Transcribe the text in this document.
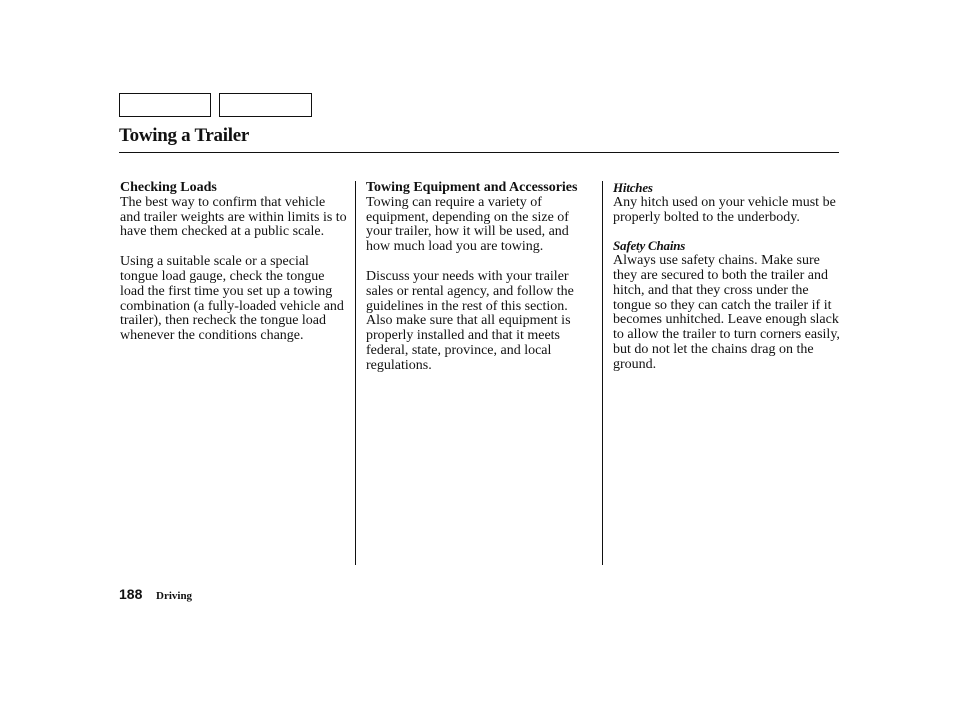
Towing a Trailer
Checking Loads

The best way to confirm that vehicle and trailer weights are within limits is to have them checked at a public scale.

Using a suitable scale or a special tongue load gauge, check the tongue load the first time you set up a towing combination (a fully-loaded vehicle and trailer), then recheck the tongue load whenever the conditions change.

Towing Equipment and Accessories

Towing can require a variety of equipment, depending on the size of your trailer, how it will be used, and how much load you are towing.

Discuss your needs with your trailer sales or rental agency, and follow the guidelines in the rest of this section. Also make sure that all equipment is properly installed and that it meets federal, state, province, and local regulations.

Hitches

Any hitch used on your vehicle must be properly bolted to the underbody.

Safety Chains

Always use safety chains. Make sure they are secured to both the trailer and hitch, and that they cross under the tongue so they can catch the trailer if it becomes unhitched. Leave enough slack to allow the trailer to turn corners easily, but do not let the chains drag on the ground.

188 Driving
